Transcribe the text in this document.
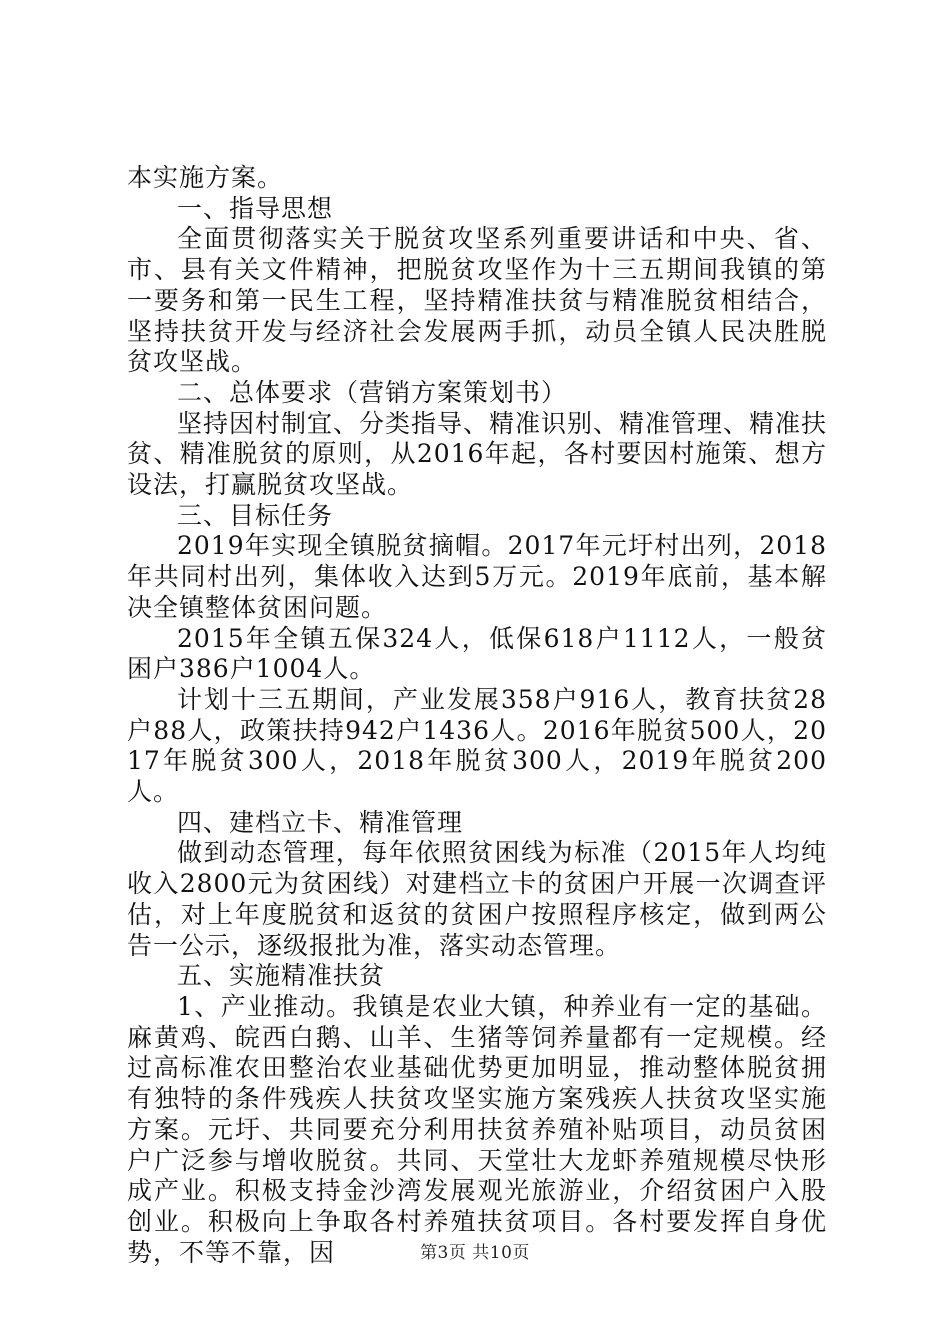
本实施方案。

一、指导思想

全面贯彻落实关于脱贫攻坚系列重要讲话和中央、省、市、县有关文件精神，把脱贫攻坚作为十三五期间我镇的第一要务和第一民生工程，坚持精准扶贫与精准脱贫相结合，坚持扶贫开发与经济社会发展两手抓，动员全镇人民决胜脱贫攻坚战。

二、总体要求（营销方案策划书）

坚持因村制宜、分类指导、精准识别、精准管理、精准扶贫、精准脱贫的原则，从2016年起，各村要因村施策、想方设法，打赢脱贫攻坚战。

三、目标任务

2019年实现全镇脱贫摘帽。2017年元圩村出列，2018年共同村出列，集体收入达到5万元。2019年底前，基本解决全镇整体贫困问题。

2015年全镇五保324人，低保618户1112人，一般贫困户386户1004人。

计划十三五期间，产业发展358户916人，教育扶贫28户88人，政策扶持942户1436人。2016年脱贫500人，2017年脱贫300人，2018年脱贫300人，2019年脱贫200人。

四、建档立卡、精准管理

做到动态管理，每年依照贫困线为标准（2015年人均纯收入2800元为贫困线）对建档立卡的贫困户开展一次调查评估，对上年度脱贫和返贫的贫困户按照程序核定，做到两公告一公示，逐级报批为准，落实动态管理。

五、实施精准扶贫

1、产业推动。我镇是农业大镇，种养业有一定的基础。麻黄鸡、皖西白鹅、山羊、生猪等饲养量都有一定规模。经过高标准农田整治农业基础优势更加明显，推动整体脱贫拥有独特的条件残疾人扶贫攻坚实施方案残疾人扶贫攻坚实施方案。元圩、共同要充分利用扶贫养殖补贴项目，动员贫困户广泛参与增收脱贫。共同、天堂壮大龙虾养殖规模尽快形成产业。积极支持金沙湾发展观光旅游业，介绍贫困户入股创业。积极向上争取各村养殖扶贫项目。各村要发挥自身优势，不等不靠，因	第3页 共10页
